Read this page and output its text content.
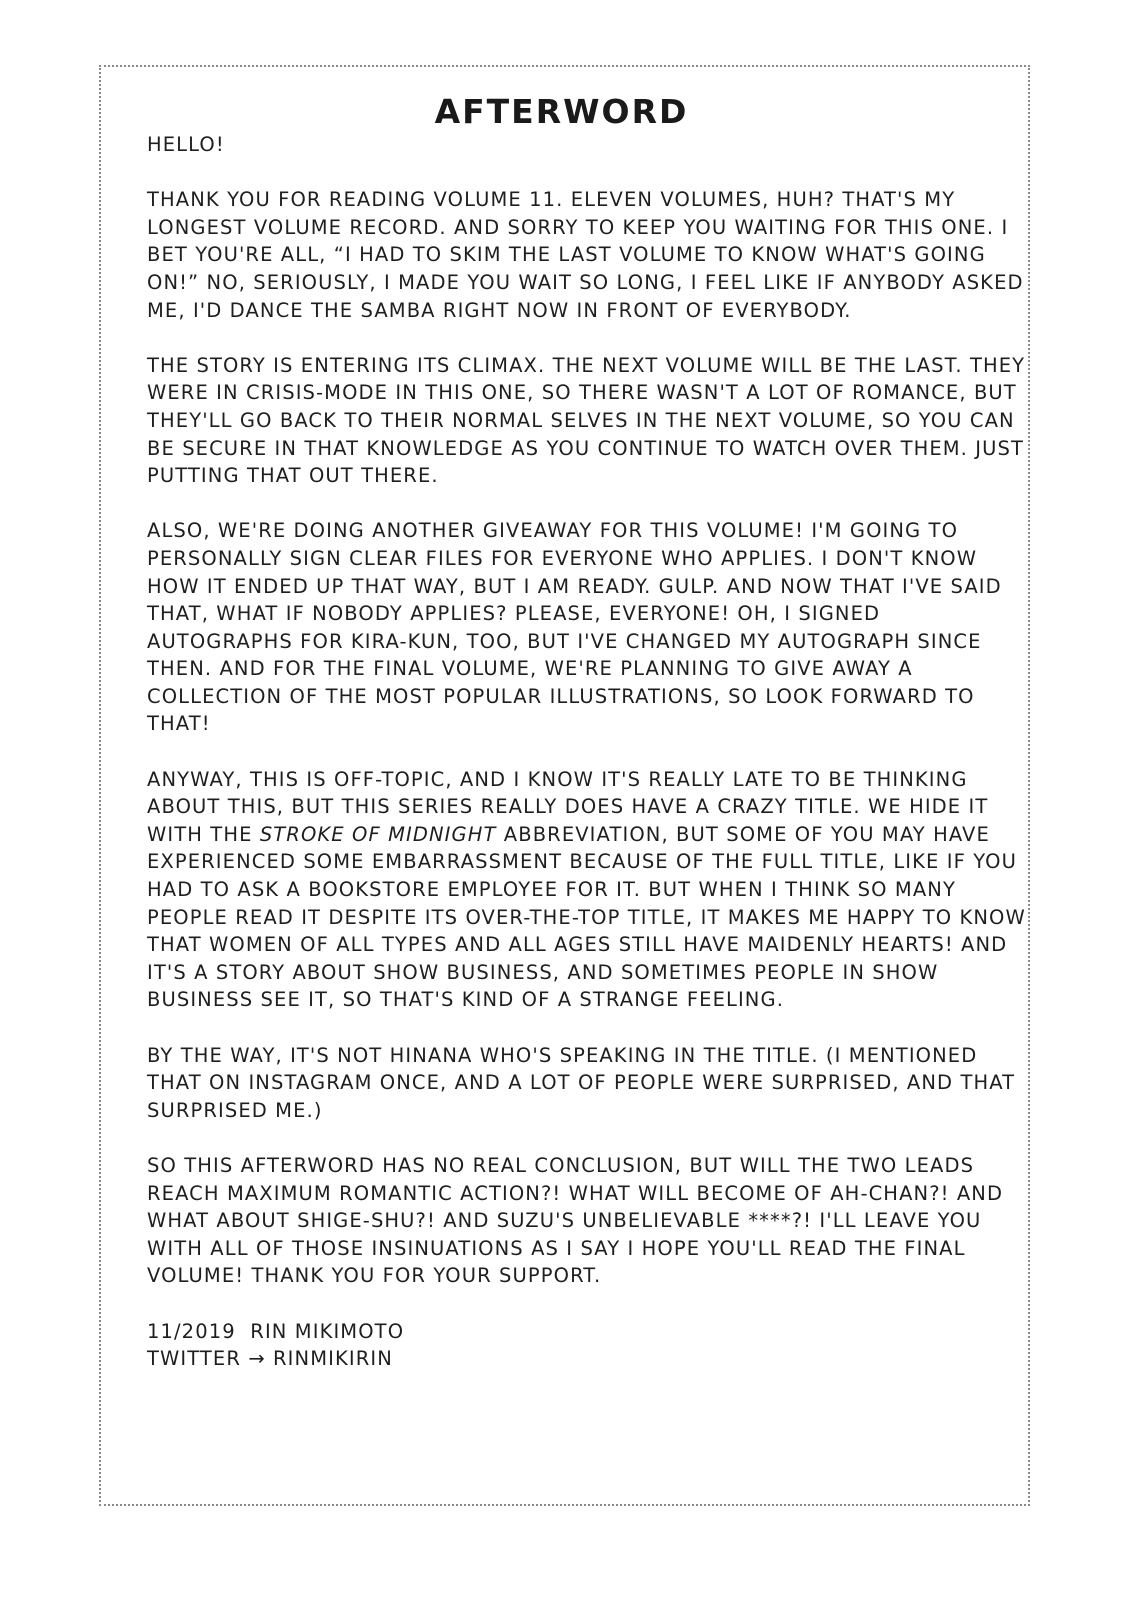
AFTERWORD

HELLO!

THANK YOU FOR READING VOLUME 11. ELEVEN VOLUMES, HUH? THAT'S MY LONGEST VOLUME RECORD. AND SORRY TO KEEP YOU WAITING FOR THIS ONE. I BET YOU'RE ALL, “I HAD TO SKIM THE LAST VOLUME TO KNOW WHAT'S GOING ON!” NO, SERIOUSLY, I MADE YOU WAIT SO LONG, I FEEL LIKE IF ANYBODY ASKED ME, I'D DANCE THE SAMBA RIGHT NOW IN FRONT OF EVERYBODY.

THE STORY IS ENTERING ITS CLIMAX. THE NEXT VOLUME WILL BE THE LAST. THEY WERE IN CRISIS-MODE IN THIS ONE, SO THERE WASN'T A LOT OF ROMANCE, BUT THEY'LL GO BACK TO THEIR NORMAL SELVES IN THE NEXT VOLUME, SO YOU CAN BE SECURE IN THAT KNOWLEDGE AS YOU CONTINUE TO WATCH OVER THEM. JUST PUTTING THAT OUT THERE.

ALSO, WE'RE DOING ANOTHER GIVEAWAY FOR THIS VOLUME! I'M GOING TO PERSONALLY SIGN CLEAR FILES FOR EVERYONE WHO APPLIES. I DON'T KNOW HOW IT ENDED UP THAT WAY, BUT I AM READY. GULP. AND NOW THAT I'VE SAID THAT, WHAT IF NOBODY APPLIES? PLEASE, EVERYONE! OH, I SIGNED AUTOGRAPHS FOR KIRA-KUN, TOO, BUT I'VE CHANGED MY AUTOGRAPH SINCE THEN. AND FOR THE FINAL VOLUME, WE'RE PLANNING TO GIVE AWAY A COLLECTION OF THE MOST POPULAR ILLUSTRATIONS, SO LOOK FORWARD TO THAT!

ANYWAY, THIS IS OFF-TOPIC, AND I KNOW IT'S REALLY LATE TO BE THINKING ABOUT THIS, BUT THIS SERIES REALLY DOES HAVE A CRAZY TITLE. WE HIDE IT WITH THE STROKE OF MIDNIGHT ABBREVIATION, BUT SOME OF YOU MAY HAVE EXPERIENCED SOME EMBARRASSMENT BECAUSE OF THE FULL TITLE, LIKE IF YOU HAD TO ASK A BOOKSTORE EMPLOYEE FOR IT. BUT WHEN I THINK SO MANY PEOPLE READ IT DESPITE ITS OVER-THE-TOP TITLE, IT MAKES ME HAPPY TO KNOW THAT WOMEN OF ALL TYPES AND ALL AGES STILL HAVE MAIDENLY HEARTS! AND IT'S A STORY ABOUT SHOW BUSINESS, AND SOMETIMES PEOPLE IN SHOW BUSINESS SEE IT, SO THAT'S KIND OF A STRANGE FEELING.

BY THE WAY, IT'S NOT HINANA WHO'S SPEAKING IN THE TITLE. (I MENTIONED THAT ON INSTAGRAM ONCE, AND A LOT OF PEOPLE WERE SURPRISED, AND THAT SURPRISED ME.)

SO THIS AFTERWORD HAS NO REAL CONCLUSION, BUT WILL THE TWO LEADS REACH MAXIMUM ROMANTIC ACTION?! WHAT WILL BECOME OF AH-CHAN?! AND WHAT ABOUT SHIGE-SHU?! AND SUZU'S UNBELIEVABLE ****?! I'LL LEAVE YOU WITH ALL OF THOSE INSINUATIONS AS I SAY I HOPE YOU'LL READ THE FINAL VOLUME! THANK YOU FOR YOUR SUPPORT.

11/2019  RIN MIKIMOTO

TWITTER → RINMIKIRIN
